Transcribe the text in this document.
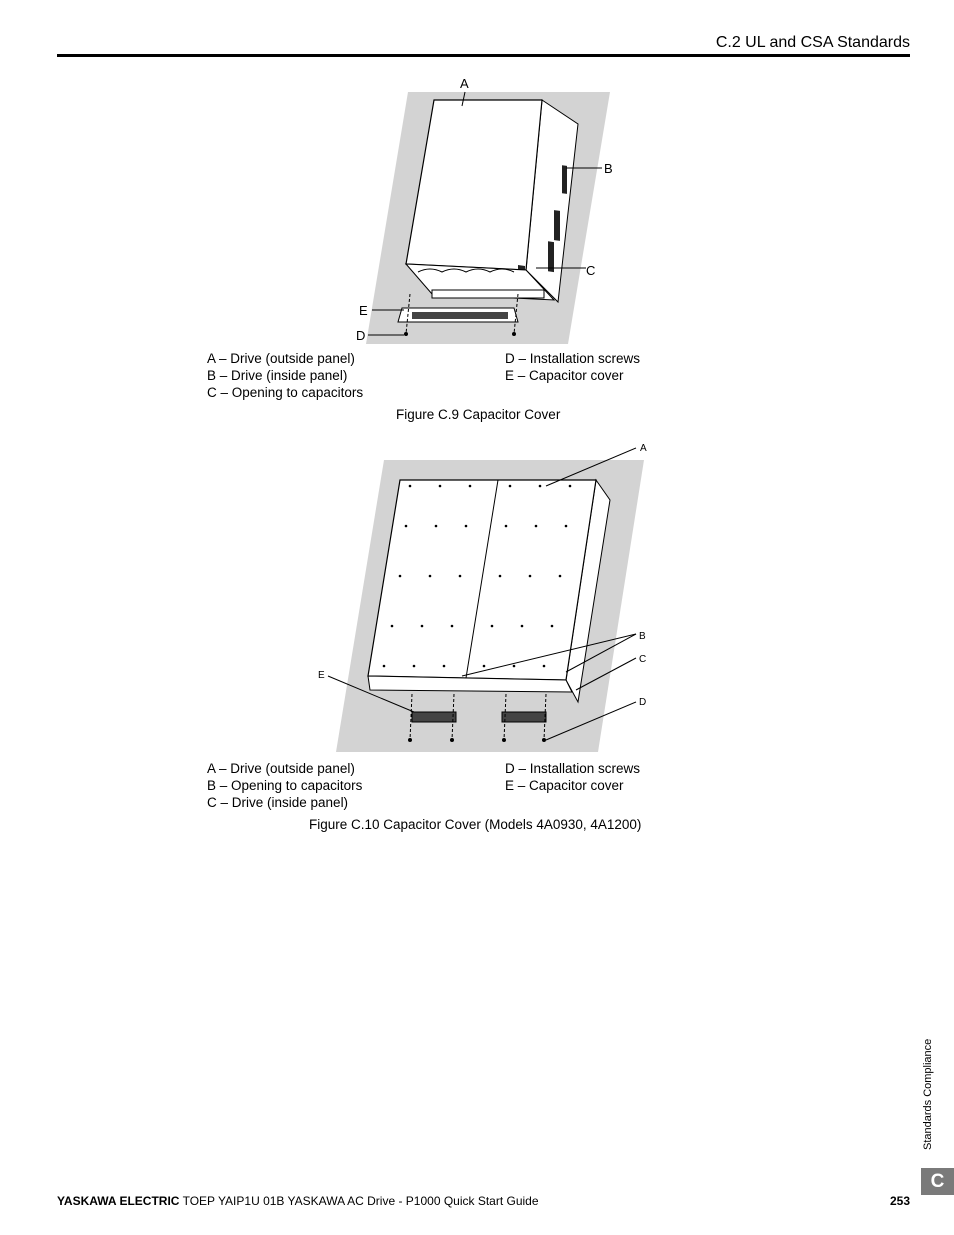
C.2 UL and CSA Standards
A
B
C
E
D
A – Drive (outside panel)
B – Drive (inside panel)
C – Opening to capacitors
D – Installation screws
E – Capacitor cover
Figure C.9 Capacitor Cover
A
B
C
D
E
A – Drive (outside panel)
B – Opening to capacitors
C – Drive (inside panel)
D – Installation screws
E – Capacitor cover
Figure C.10 Capacitor Cover (Models 4A0930, 4A1200)
Standards Compliance
C
YASKAWA ELECTRIC TOEP YAIP1U 01B YASKAWA AC Drive - P1000 Quick Start Guide	253
